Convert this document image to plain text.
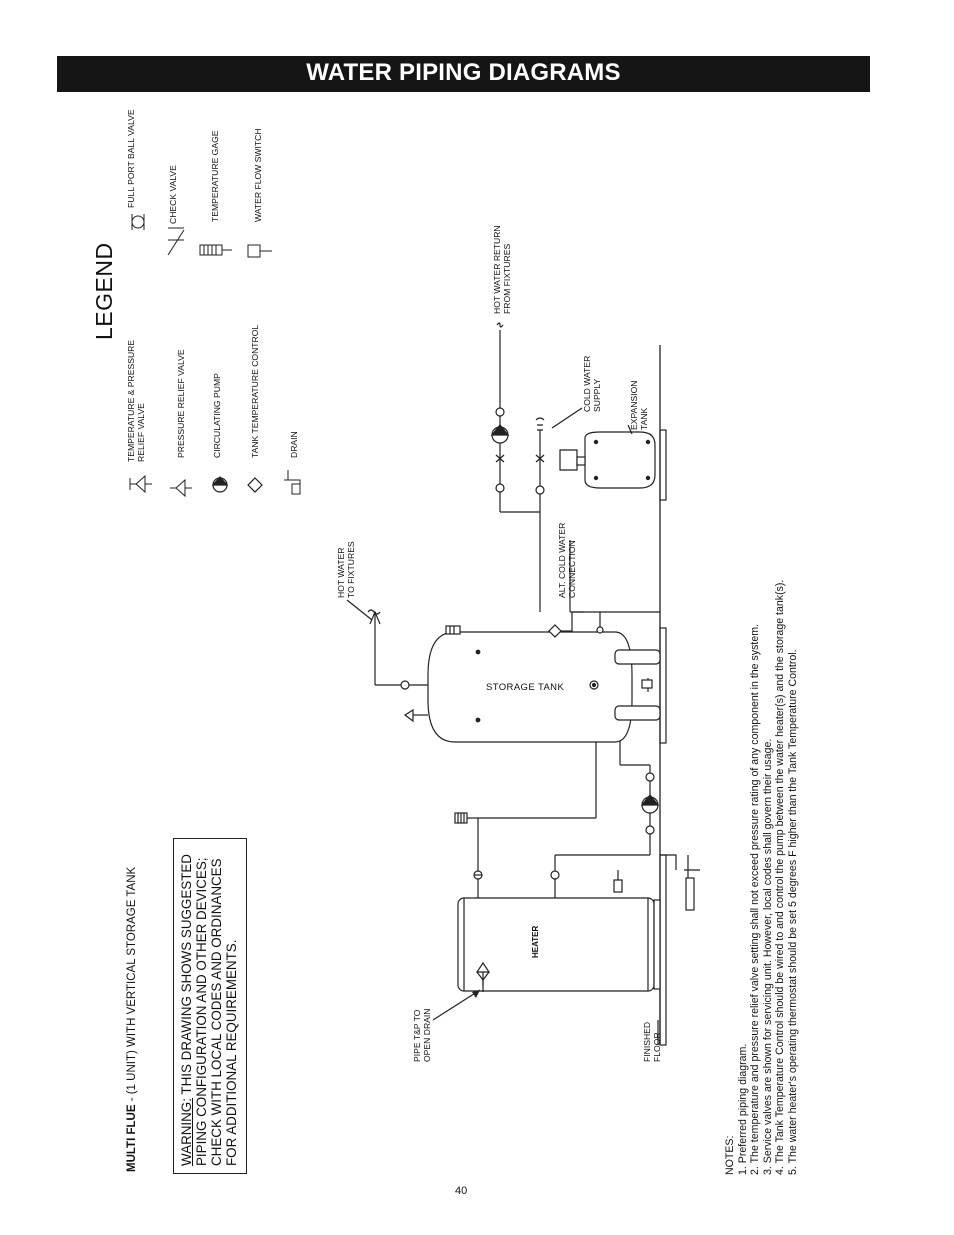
WATER PIPING DIAGRAMS
LEGEND
TEMPERATURE & PRESSURE RELIEF VALVE	PRESSURE RELIEF VALVE	CIRCULATING PUMP	TANK TEMPERATURE CONTROL	DRAIN
FULL PORT BALL VALVE	CHECK VALVE	TEMPERATURE GAGE	WATER FLOW SWITCH
MULTI FLUE - (1 UNIT) WITH VERTICAL STORAGE TANK
WARNING: THIS DRAWING SHOWS SUGGESTED PIPING CONFIGURATION AND OTHER DEVICES; CHECK WITH LOCAL CODES AND ORDINANCES FOR ADDITIONAL REQUIREMENTS.	PIPE T&P TO OPEN DRAIN	FINISHED FLOOR
HEATER
STORAGE TANK
HOT WATER TO FIXTURES	ALT. COLD WATER CONNECTION
COLD WATER SUPPLY	EXPANSION TANK
HOT WATER RETURN FROM FIXTURES
NOTES: 1. Preferred piping diagram. 2. The temperature and pressure relief valve setting shall not exceed pressure rating of any component in the system. 3. Service valves are shown for servicing unit. However, local codes shall govern their usage. 4. The Tank Temperature Control should be wired to and control the pump between the water heater(s) and the storage tank(s). 5. The water heater's operating thermostat should be set 5 degrees F higher than the Tank Temperature Control.
40
